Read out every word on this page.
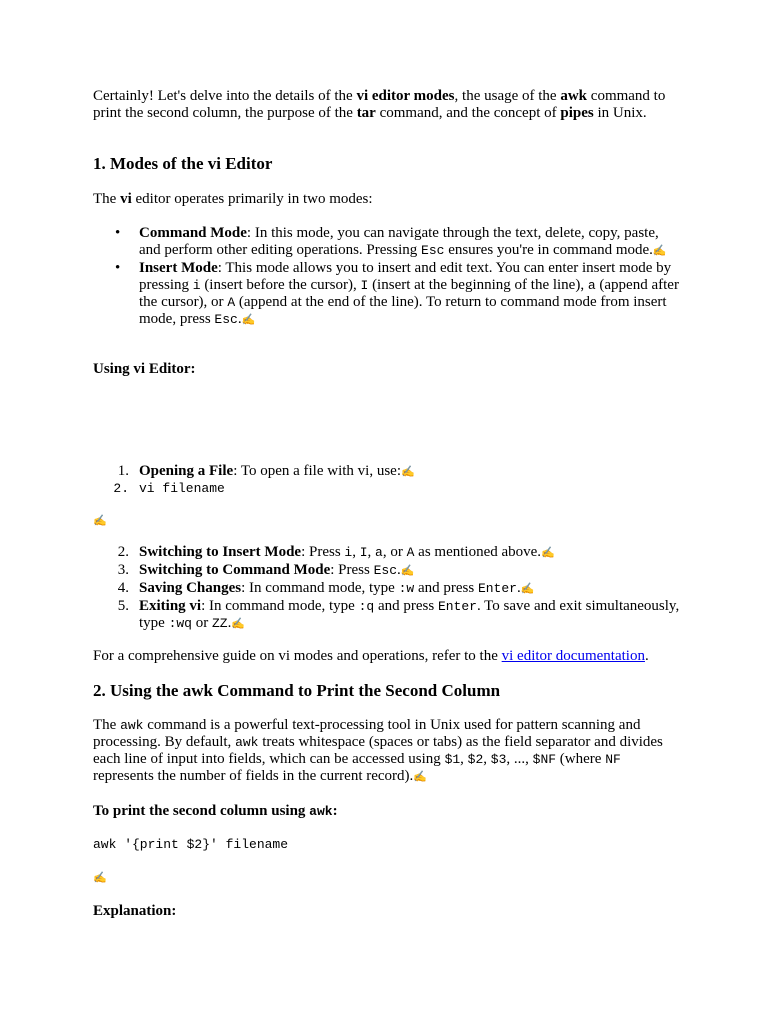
Certainly! Let's delve into the details of the vi editor modes, the usage of the awk command to print the second column, the purpose of the tar command, and the concept of pipes in Unix.

1. Modes of the vi Editor

The vi editor operates primarily in two modes:

• Command Mode: In this mode, you can navigate through the text, delete, copy, paste, and perform other editing operations. Pressing Esc ensures you're in command mode.✍
• Insert Mode: This mode allows you to insert and edit text. You can enter insert mode by pressing i (insert before the cursor), I (insert at the beginning of the line), a (append after the cursor), or A (append at the end of the line). To return to command mode from insert mode, press Esc.✍

Using vi Editor:

1. Opening a File: To open a file with vi, use:✍
2. vi filename

✍

2. Switching to Insert Mode: Press i, I, a, or A as mentioned above.✍
3. Switching to Command Mode: Press Esc.✍
4. Saving Changes: In command mode, type :w and press Enter.✍
5. Exiting vi: In command mode, type :q and press Enter. To save and exit simultaneously, type :wq or ZZ.✍

For a comprehensive guide on vi modes and operations, refer to the vi editor documentation.

2. Using the awk Command to Print the Second Column

The awk command is a powerful text-processing tool in Unix used for pattern scanning and processing. By default, awk treats whitespace (spaces or tabs) as the field separator and divides each line of input into fields, which can be accessed using $1, $2, $3, ..., $NF (where NF represents the number of fields in the current record).✍

To print the second column using awk:

awk '{print $2}' filename

✍

Explanation:
